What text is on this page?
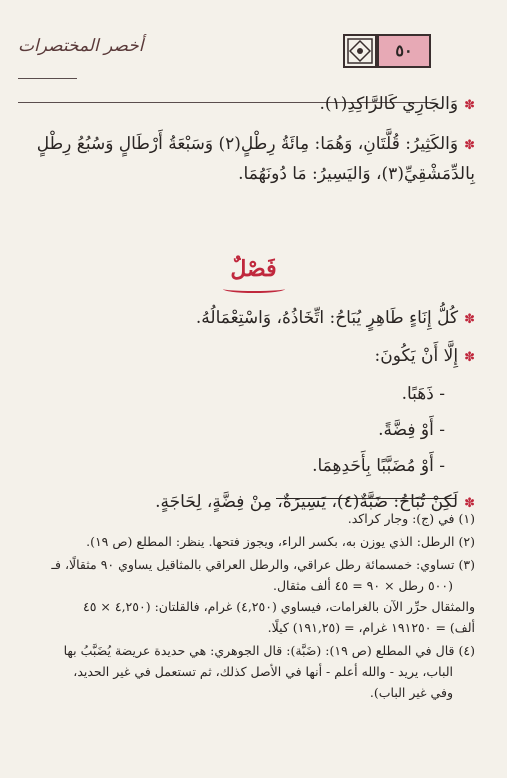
أخصر المختصرات	٥٠
✽وَالجَارِي كَالرَّاكِدِ(١).
✽وَالكَثِيرُ: قُلَّتَانِ، وَهُمَا: مِائَةُ رِطْلٍ(٢) وَسَبْعَةُ أَرْطَالٍ وَسُبُعُ رِطْلٍ
بِالدِّمَشْقِيِّ(٣)، وَاليَسِيرُ: مَا دُونَهُمَا.
فَصْلٌ
✽كُلُّ إِنَاءٍ طَاهِرٍ يُبَاحُ: اتِّخَاذُهُ، وَاسْتِعْمَالُهُ.
✽إِلَّا أَنْ يَكُونَ:
- ذَهَبًا.
- أَوْ فِضَّةً.
- أَوْ مُضَبَّبًا بِأَحَدِهِمَا.
✽لَكِنْ تُبَاحُ: ضَبَّةٌ(٤)، يَسِيرَةٌ، مِنْ فِضَّةٍ، لِحَاجَةٍ.
(١)في (ج): وجار كراكد.
(٢)الرطل: الذي يوزن به، بكسر الراء، ويجوز فتحها. ينظر: المطلع (ص ١٩).
(٣)تساوي: خمسمائة رطل عراقي، والرطل العراقي بالمثاقيل يساوي ٩٠ مثقالًا، فـ
(٥٠٠ رطل × ٩٠ = ٤٥ ألف مثقال.
والمثقال حرِّر الآن بالغرامات، فيساوي (٤,٢٥٠) غرام، فالقلتان: (٤,٢٥٠ × ٤٥
ألف) = ١٩١٢٥٠ غرام، = (١٩١,٢٥) كيلًا.
(٤)قال في المطلع (ص ١٩): (ضَبَّة): قال الجوهري: هي حديدة عريضة يُضَبَّبُ بها
الباب، يريد - والله أعلم - أنها في الأصل كذلك، ثم تستعمل في غير الحديد،
وفي غير الباب).
